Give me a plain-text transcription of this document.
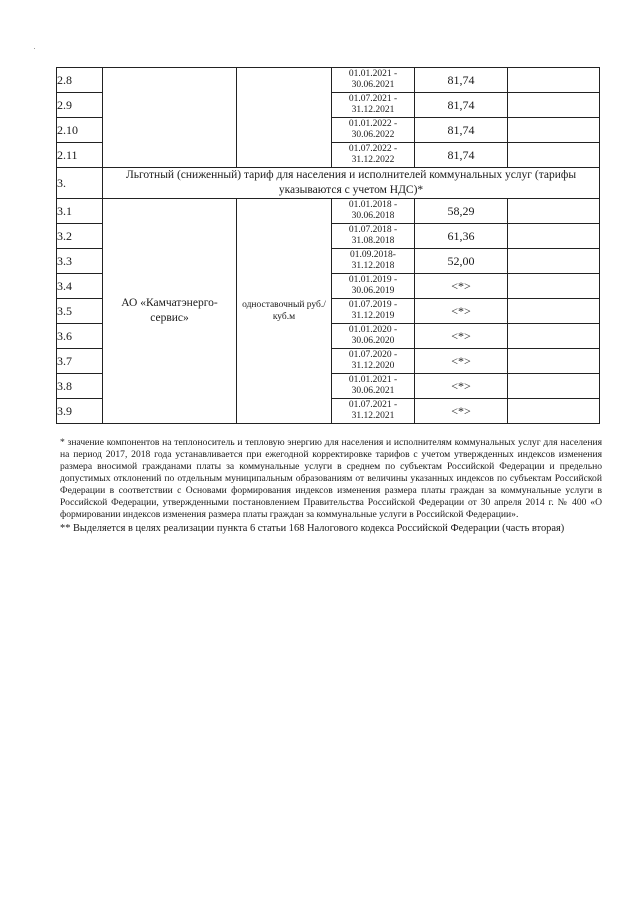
2.8			01.01.2021 -
30.06.2021	81,74	
2.9			01.07.2021 -
31.12.2021	81,74	
2.10			01.01.2022 -
30.06.2022	81,74	
2.11			01.07.2022 -
31.12.2022	81,74	
3.	Льготный (сниженный) тариф для населения и исполнителей коммунальных услуг (тарифы указываются с учетом НДС)*				
3.1	АО «Камчатэнерго-сервис»	одноставочный руб./куб.м	01.01.2018 -
30.06.2018	58,29	
3.2			01.07.2018 -
31.08.2018	61,36	
3.3			01.09.2018-
31.12.2018	52,00	
3.4			01.01.2019 -
30.06.2019	<*>	
3.5			01.07.2019 -
31.12.2019	<*>	
3.6			01.01.2020 -
30.06.2020	<*>	
3.7			01.07.2020 -
31.12.2020	<*>	
3.8			01.01.2021 -
30.06.2021	<*>	
3.9			01.07.2021 -
31.12.2021	<*>	

* значение компонентов на теплоноситель и тепловую энергию для населения и исполнителям коммунальных услуг для населения на период 2017, 2018 года устанавливается при ежегодной корректировке тарифов с учетом утвержденных индексов изменения размера вносимой гражданами платы за коммунальные услуги в среднем по субъектам Российской Федерации и предельно допустимых отклонений по отдельным муниципальным образованиям от величины указанных индексов по субъектам Российской Федерации в соответствии с Основами формирования индексов изменения размера платы граждан за коммунальные услуги в Российской Федерации, утвержденными постановлением Правительства Российской Федерации от 30 апреля 2014 г. № 400 «О формировании индексов изменения размера платы граждан за коммунальные услуги в Российской Федерации».

** Выделяется в целях реализации пункта 6 статьи 168 Налогового кодекса Российской Федерации (часть вторая)
